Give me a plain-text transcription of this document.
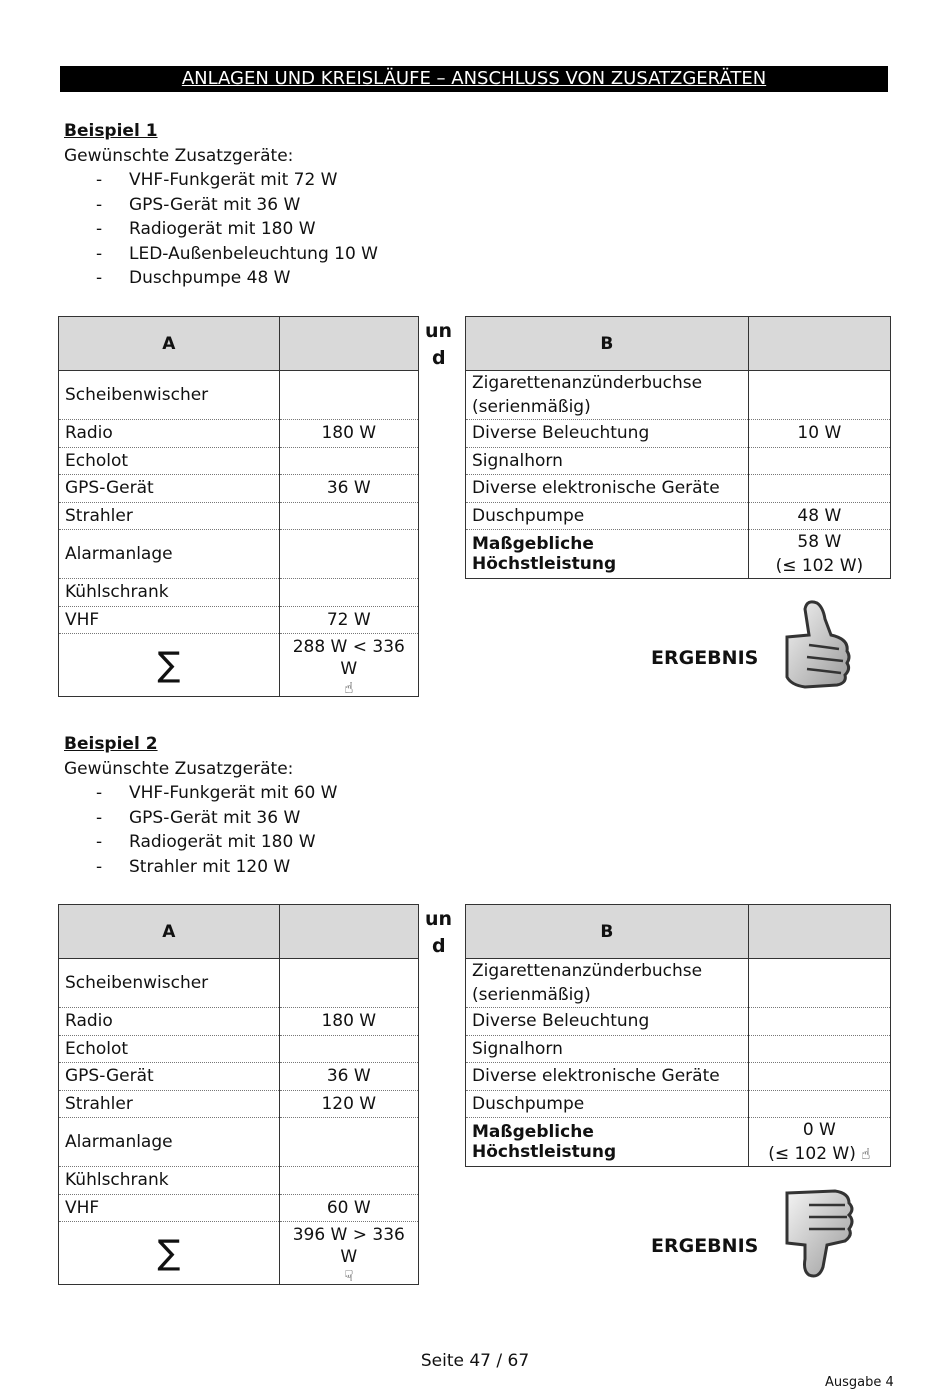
ANLAGEN UND KREISLÄUFE – ANSCHLUSS VON ZUSATZGERÄTEN
Beispiel 1
Gewünschte Zusatzgeräte:
- VHF-Funkgerät mit 72 W
- GPS-Gerät mit 36 W
- Radiogerät mit 180 W
- LED-Außenbeleuchtung 10 W
- Duschpumpe 48 W
A	
Scheibenwischer	
Radio	180 W
Echolot	
GPS-Gerät	36 W
Strahler	
Alarmanlage	
Kühlschrank	
VHF	72 W
∑	288 W < 336 W
☝
un
d
B	
Zigarettenanzünderbuchse (serienmäßig)	
Diverse Beleuchtung	10 W
Signalhorn	
Diverse elektronische Geräte	
Duschpumpe	48 W
Maßgebliche Höchstleistung	58 W
(≤ 102 W)
ERGEBNIS
Beispiel 2
Gewünschte Zusatzgeräte:
- VHF-Funkgerät mit 60 W
- GPS-Gerät mit 36 W
- Radiogerät mit 180 W
- Strahler mit 120 W
A	
Scheibenwischer	
Radio	180 W
Echolot	
GPS-Gerät	36 W
Strahler	120 W
Alarmanlage	
Kühlschrank	
VHF	60 W
∑	396 W > 336 W
☟
un
d
B	
Zigarettenanzünderbuchse (serienmäßig)	
Diverse Beleuchtung	
Signalhorn	
Diverse elektronische Geräte	
Duschpumpe	
Maßgebliche Höchstleistung	0 W
(≤ 102 W) ☝
ERGEBNIS
Seite 47 / 67
Ausgabe 4
